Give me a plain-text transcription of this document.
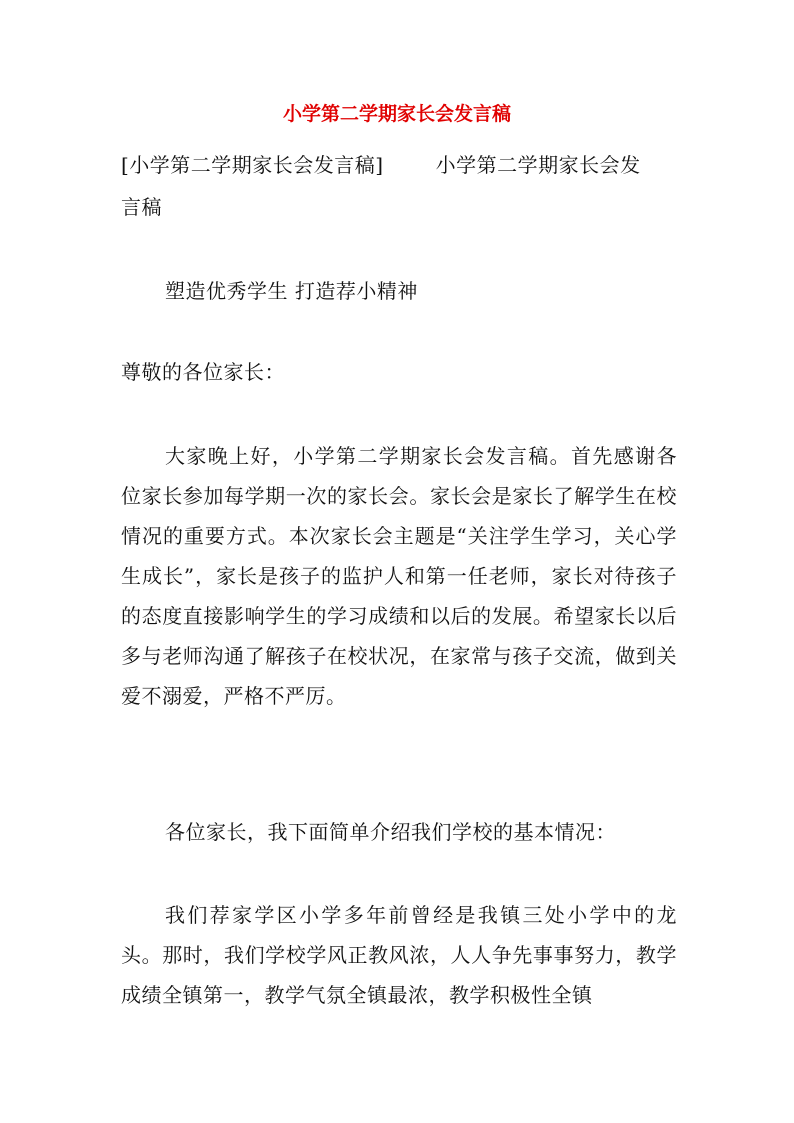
小学第二学期家长会发言稿
[小学第二学期家长会发言稿]	小学第二学期家长会发
言稿
塑造优秀学生 打造荐小精神
尊敬的各位家长：
大家晚上好，小学第二学期家长会发言稿。首先感谢各位家长参加每学期一次的家长会。家长会是家长了解学生在校情况的重要方式。本次家长会主题是“关注学生学习，关心学生成长”，家长是孩子的监护人和第一任老师，家长对待孩子的态度直接影响学生的学习成绩和以后的发展。希望家长以后多与老师沟通了解孩子在校状况，在家常与孩子交流，做到关爱不溺爱，严格不严厉。
各位家长，我下面简单介绍我们学校的基本情况：
我们荐家学区小学多年前曾经是我镇三处小学中的龙头。那时，我们学校学风正教风浓，人人争先事事努力，教学成绩全镇第一，教学气氛全镇最浓，教学积极性全镇
